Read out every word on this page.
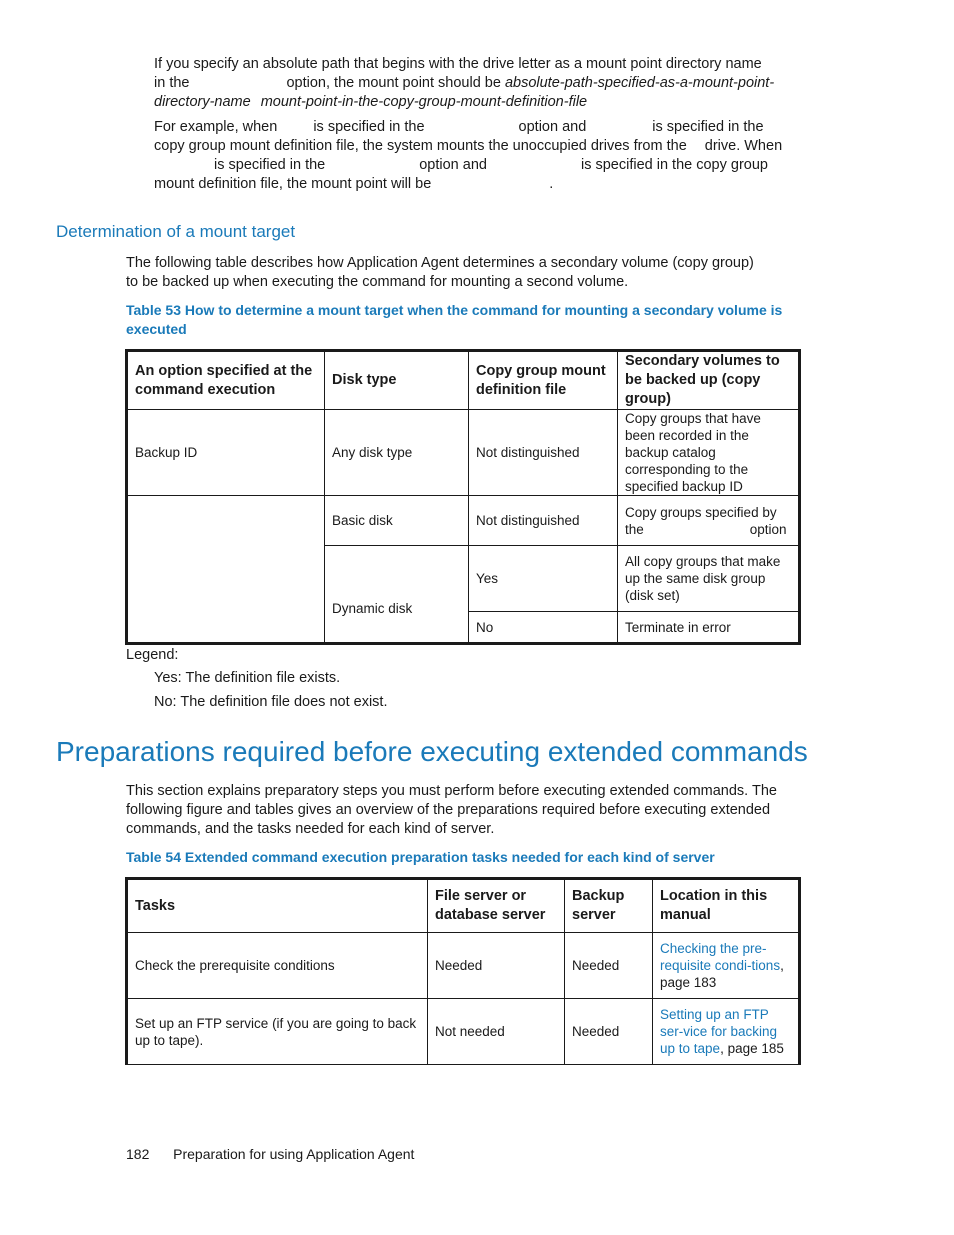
If you specify an absolute path that begins with the drive letter as a mount point directory name
in the	option, the mount point should be absolute-path-specified-as-a-mount-point-
directory-name mount-point-in-the-copy-group-mount-definition-file
For example, when is specified in the	option and	is specified in the
copy group mount definition file, the system mounts the unoccupied drives from the drive. When
is specified in the	option and	is specified in the copy group
mount definition file, the mount point will be	.
Determination of a mount target
The following table describes how Application Agent determines a secondary volume (copy group)
to be backed up when executing the command for mounting a second volume.
Table 53 How to determine a mount target when the command for mounting a secondary volume is
executed
An option specified at the command execution	Disk type	Copy group mount definition file	Secondary volumes to be backed up (copy group)
Backup ID	Any disk type	Not distinguished	Copy groups that have been recorded in the backup catalog corresponding to the specified backup ID
	Basic disk	Not distinguished	Copy groups specified by
the option

	Dynamic disk	Yes	All copy groups that make up the same disk group (disk set)
		No	Terminate in error
Legend:
Yes: The definition file exists.
No: The definition file does not exist.
Preparations required before executing extended commands
This section explains preparatory steps you must perform before executing extended commands. The
following figure and tables gives an overview of the preparations required before executing extended
commands, and the tasks needed for each kind of server.
Table 54 Extended command execution preparation tasks needed for each kind of server
Tasks	File server or database server	Backup server	Location in this manual
Check the prerequisite conditions	Needed	Needed	Checking the pre-requisite condi-tions, page 183
Set up an FTP service (if you are going to back up to tape).	Not needed	Needed	Setting up an FTP ser-vice for backing up to tape, page 185
182 Preparation for using Application Agent
